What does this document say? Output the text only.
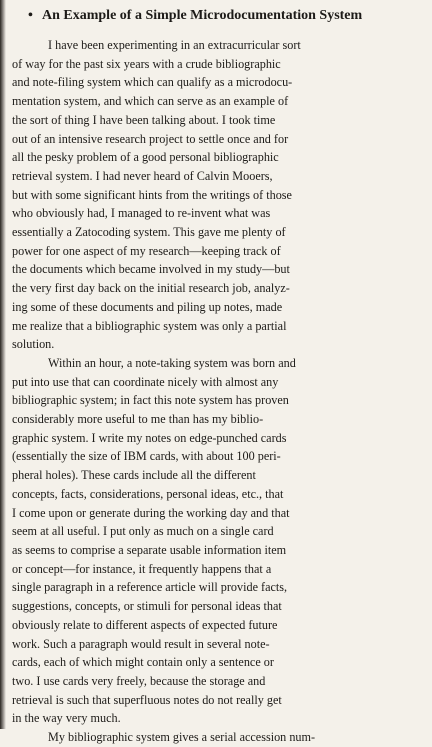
• An Example of a Simple Microdocumentation System
I have been experimenting in an extracurricular sort
of way for the past six years with a crude bibliographic
and note-filing system which can qualify as a microdocu-
mentation system, and which can serve as an example of
the sort of thing I have been talking about. I took time
out of an intensive research project to settle once and for
all the pesky problem of a good personal bibliographic
retrieval system. I had never heard of Calvin Mooers,
but with some significant hints from the writings of those
who obviously had, I managed to re-invent what was
essentially a Zatocoding system. This gave me plenty of
power for one aspect of my research—keeping track of
the documents which became involved in my study—but
the very first day back on the initial research job, analyz-
ing some of these documents and piling up notes, made
me realize that a bibliographic system was only a partial
solution.
Within an hour, a note-taking system was born and
put into use that can coordinate nicely with almost any
bibliographic system; in fact this note system has proven
considerably more useful to me than has my biblio-
graphic system. I write my notes on edge-punched cards
(essentially the size of IBM cards, with about 100 peri-
pheral holes). These cards include all the different
concepts, facts, considerations, personal ideas, etc., that
I come upon or generate during the working day and that
seem at all useful. I put only as much on a single card
as seems to comprise a separate usable information item
or concept—for instance, it frequently happens that a
single paragraph in a reference article will provide facts,
suggestions, concepts, or stimuli for personal ideas that
obviously relate to different aspects of expected future
work. Such a paragraph would result in several note-
cards, each of which might contain only a sentence or
two. I use cards very freely, because the storage and
retrieval is such that superfluous notes do not really get
in the way very much.
My bibliographic system gives a serial accession num-
